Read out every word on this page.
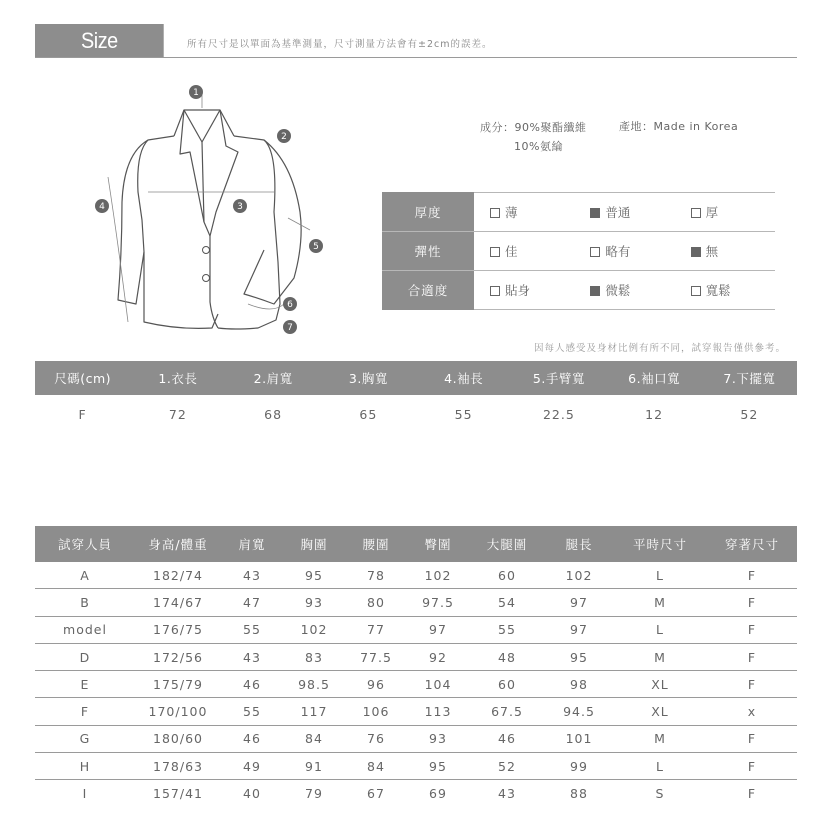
Size Information
所有尺寸是以單面為基準測量，尺寸測量方法會有±2cm的誤差。
1
2
3
4
5
6
7
成分：90%聚酯纖維
10%氨綸
產地：Made in Korea
厚度	薄	普通	厚
彈性	佳	略有	無
合適度	貼身	微鬆	寬鬆
因每人感受及身材比例有所不同，試穿報告僅供參考。
尺碼(cm)	1.衣長	2.肩寬	3.胸寬	4.袖長	5.手臂寬	6.袖口寬	7.下擺寬
F	72	68	65	55	22.5	12	52
試穿人員	身高/體重	肩寬	胸圍	腰圍	臀圍	大腿圍	腿長	平時尺寸	穿著尺寸
A	182/74	43	95	78	102	60	102	L	F
B	174/67	47	93	80	97.5	54	97	M	F
model	176/75	55	102	77	97	55	97	L	F
D	172/56	43	83	77.5	92	48	95	M	F
E	175/79	46	98.5	96	104	60	98	XL	F
F	170/100	55	117	106	113	67.5	94.5	XL	x
G	180/60	46	84	76	93	46	101	M	F
H	178/63	49	91	84	95	52	99	L	F
I	157/41	40	79	67	69	43	88	S	F
